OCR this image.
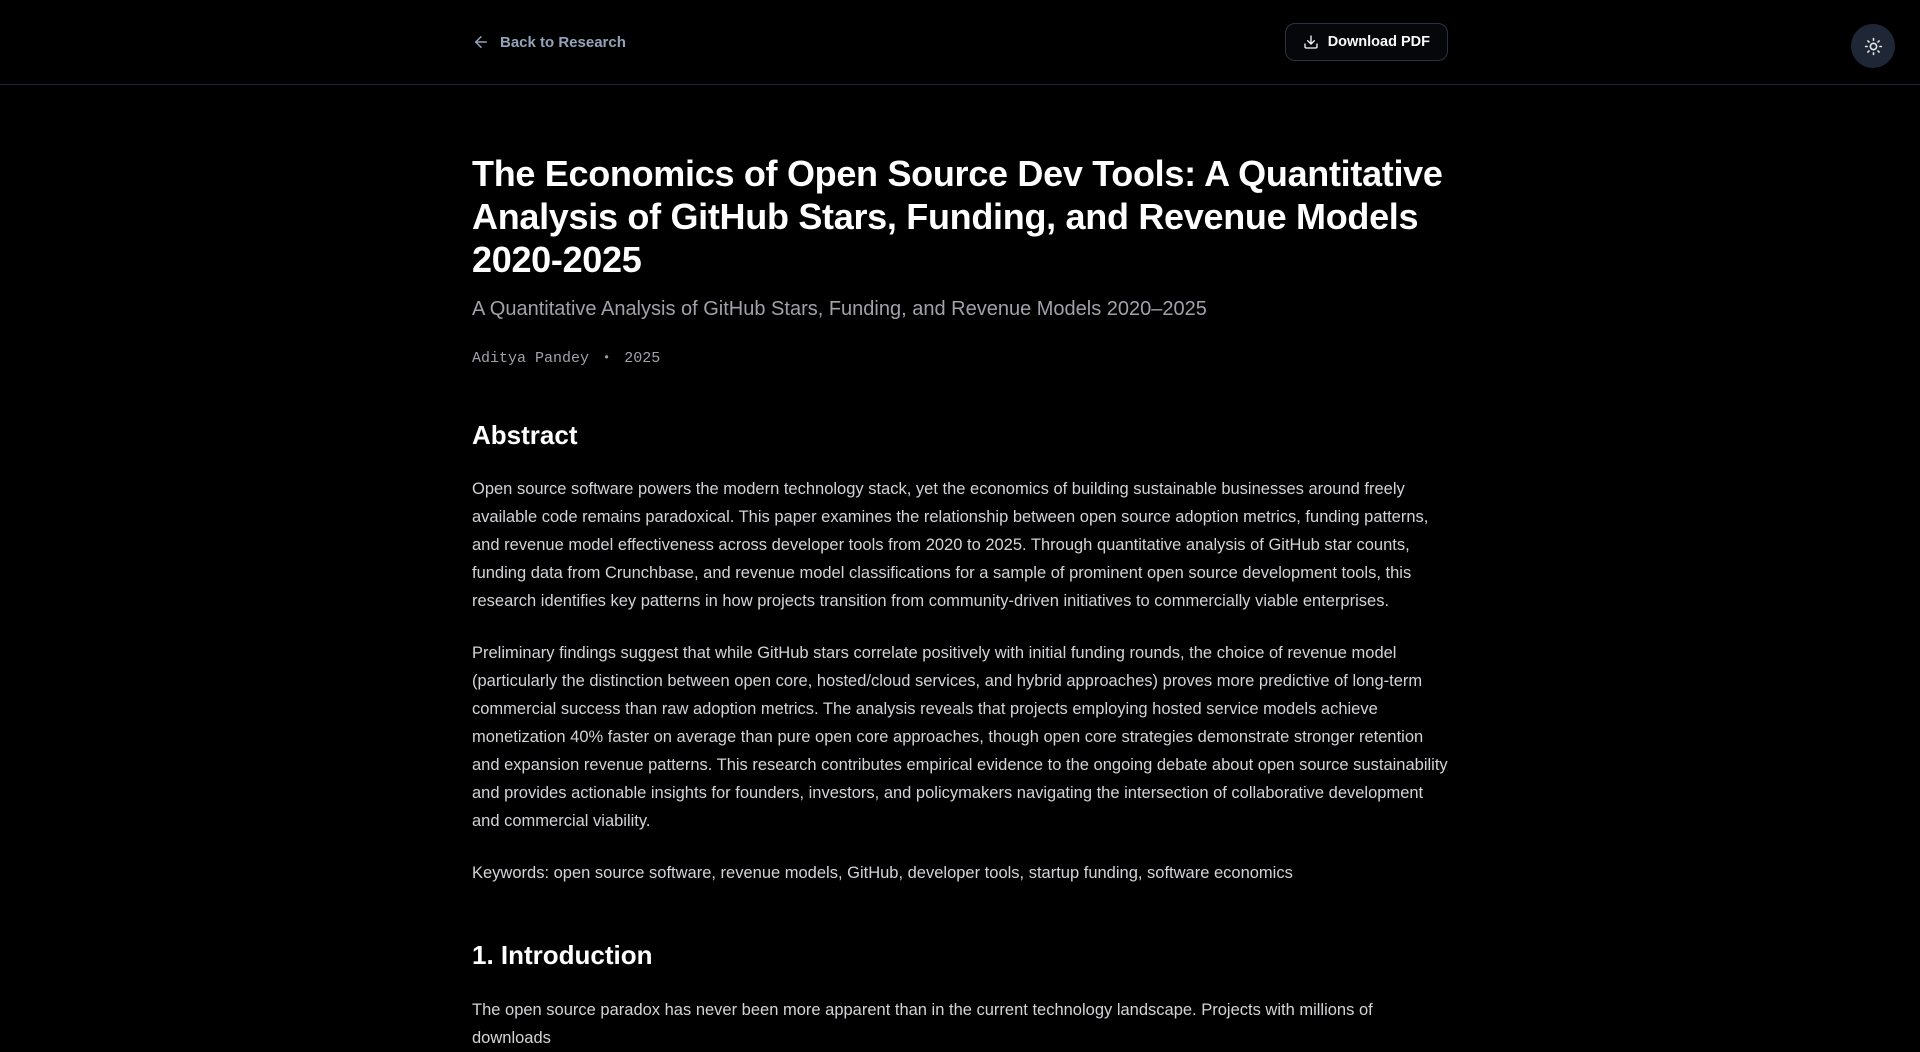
Back to Research	Download PDF
The Economics of Open Source Dev Tools: A Quantitative Analysis of GitHub Stars, Funding, and Revenue Models 2020-2025
A Quantitative Analysis of GitHub Stars, Funding, and Revenue Models 2020–2025
Aditya Pandey • 2025
Abstract

Open source software powers the modern technology stack, yet the economics of building sustainable businesses around freely available code remains paradoxical. This paper examines the relationship between open source adoption metrics, funding patterns, and revenue model effectiveness across developer tools from 2020 to 2025. Through quantitative analysis of GitHub star counts, funding data from Crunchbase, and revenue model classifications for a sample of prominent open source development tools, this research identifies key patterns in how projects transition from community-driven initiatives to commercially viable enterprises.

Preliminary findings suggest that while GitHub stars correlate positively with initial funding rounds, the choice of revenue model (particularly the distinction between open core, hosted/cloud services, and hybrid approaches) proves more predictive of long-term commercial success than raw adoption metrics. The analysis reveals that projects employing hosted service models achieve monetization 40% faster on average than pure open core approaches, though open core strategies demonstrate stronger retention and expansion revenue patterns. This research contributes empirical evidence to the ongoing debate about open source sustainability and provides actionable insights for founders, investors, and policymakers navigating the intersection of collaborative development and commercial viability.

Keywords: open source software, revenue models, GitHub, developer tools, startup funding, software economics

1. Introduction

The open source paradox has never been more apparent than in the current technology landscape. Projects with millions of downloads
